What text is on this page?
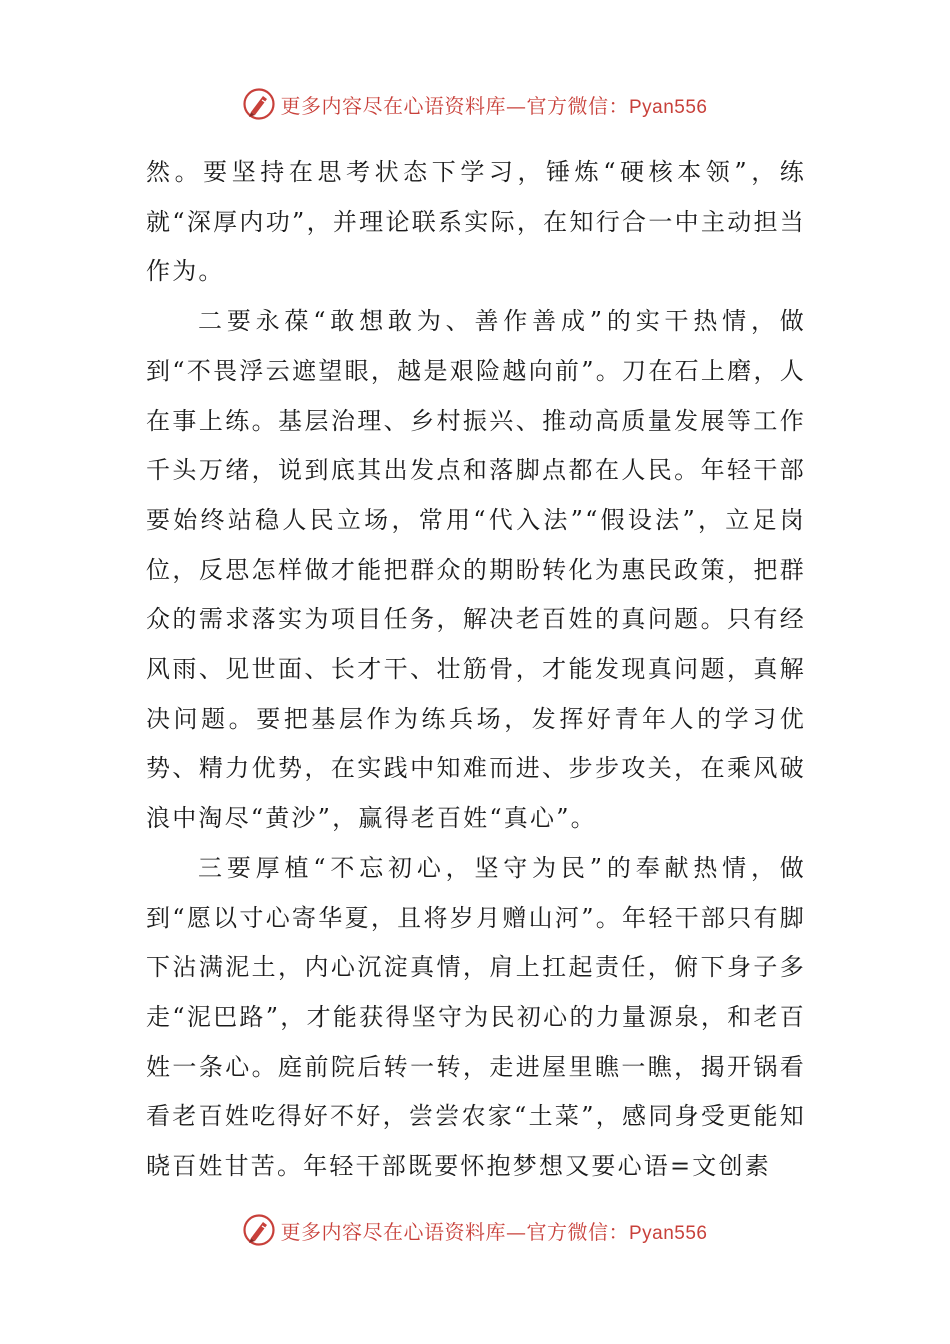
更多内容尽在心语资料库—官方微信：Pyan556

然。要坚持在思考状态下学习，锤炼“硬核本领”，练就“深厚内功”，并理论联系实际，在知行合一中主动担当作为。

二要永葆“敢想敢为、善作善成”的实干热情，做到“不畏浮云遮望眼，越是艰险越向前”。刀在石上磨，人在事上练。基层治理、乡村振兴、推动高质量发展等工作千头万绪，说到底其出发点和落脚点都在人民。年轻干部要始终站稳人民立场，常用“代入法”“假设法”，立足岗位，反思怎样做才能把群众的期盼转化为惠民政策，把群众的需求落实为项目任务，解决老百姓的真问题。只有经风雨、见世面、长才干、壮筋骨，才能发现真问题，真解决问题。要把基层作为练兵场，发挥好青年人的学习优势、精力优势，在实践中知难而进、步步攻关，在乘风破浪中淘尽“黄沙”，赢得老百姓“真心”。

三要厚植“不忘初心，坚守为民”的奉献热情，做到“愿以寸心寄华夏，且将岁月赠山河”。年轻干部只有脚下沾满泥土，内心沉淀真情，肩上扛起责任，俯下身子多走“泥巴路”，才能获得坚守为民初心的力量源泉，和老百姓一条心。庭前院后转一转，走进屋里瞧一瞧，揭开锅看看老百姓吃得好不好，尝尝农家“土菜”，感同身受更能知晓百姓甘苦。年轻干部既要怀抱梦想又要心语=文创素

更多内容尽在心语资料库—官方微信：Pyan556
